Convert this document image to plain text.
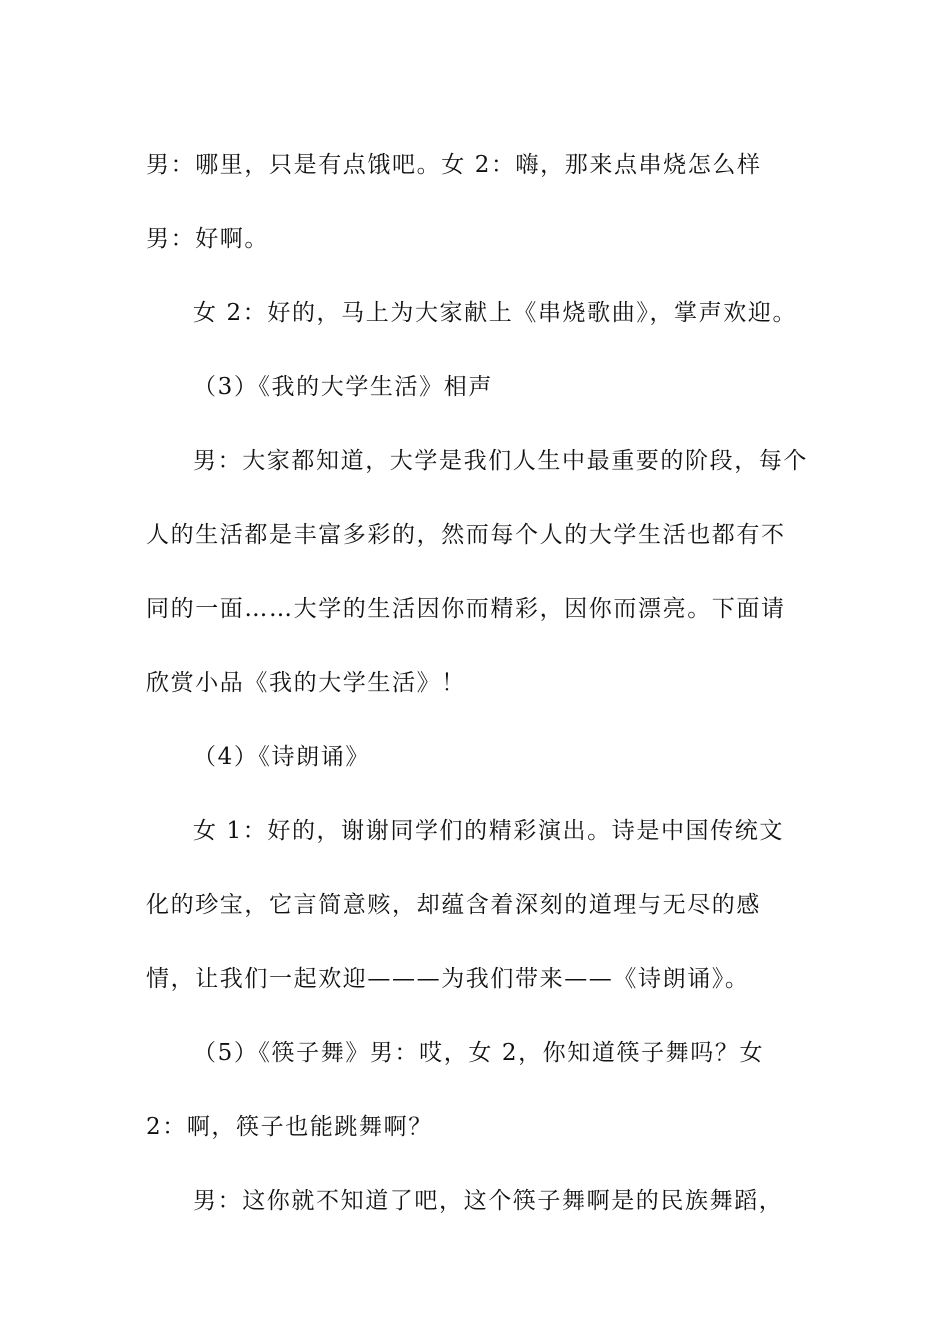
男：哪里，只是有点饿吧。女 2：嗨，那来点串烧怎么样男：好啊。

女 2：好的，马上为大家献上《串烧歌曲》，掌声欢迎。

（3）《我的大学生活》相声

男：大家都知道，大学是我们人生中最重要的阶段，每个人的生活都是丰富多彩的，然而每个人的大学生活也都有不同的一面……大学的生活因你而精彩，因你而漂亮。下面请欣赏小品《我的大学生活》！

（4）《诗朗诵》

女 1：好的，谢谢同学们的精彩演出。诗是中国传统文化的珍宝，它言简意赅，却蕴含着深刻的道理与无尽的感情，让我们一起欢迎———为我们带来——《诗朗诵》。

（5）《筷子舞》男：哎，女 2，你知道筷子舞吗？女 2：啊，筷子也能跳舞啊？

男：这你就不知道了吧，这个筷子舞啊是的民族舞蹈，
